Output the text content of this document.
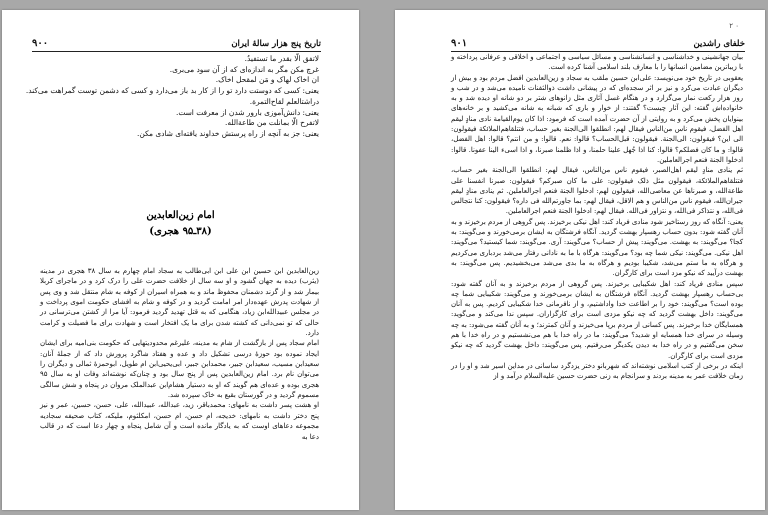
۹۰۰	تاریخ پنج هزار سالهٔ ایران

لاتفق الّا بقدر ما تستفیدُ.

غرچ مکن مگر به اندازه‌ای که از آن سود می‌بری.

ان اخاک لهاک و مَن لمقحل اخاک.

یعنی: کسی که دوستت دارد تو را از کار بد باز می‌دارد و کسی که دشمن توست گمراهت می‌کند.

دراشتالعلم لقاح‌التمرة.

یعنی: دانش‌آموزی بارور شدن از معرفت است.

لاتفرح الّا بمانلت من طاعةالله.

یعنی: جز به آنچه از راه پرستش خداوند یافته‌ای شادی مکن.

امام زین‌العابدین
(۳۸ـ۹۵ هجری)

زین‌العابدین ابن حسین ابن علی ابن ابی‌طالب به سجاد امام چهارم به سال ۳۸ هجری در مدینه (یثرب) دیده به جهان گشود و او سه سال از خلافت حضرت علی را درک کرد و در ماجرای کربلا بیمار شد و از گزند دشمنان محفوظ ماند و به همراه اسیران از کوفه به شام منتقل شد و وی پس از شهادت پدرش عهده‌دار امر امامت گردید و در کوفه و شام به افشای حکومت اموی پرداخت و در مجلس عبیدالله‌ابن زیاد، هنگامی که به قتل تهدید گردید فرمود: آیا مرا از کشتن می‌ترسانی در حالی که تو نمی‌دانی که کشته شدن برای ما یک افتخار است و شهادت برای ما فضیلت و کرامت دارد.

امام سجاد پس از بازگشت از شام به مدینه، علیرغم محدودیتهایی که حکومت بنی‌امیه برای ایشان ایجاد نموده بود حوزهٔ درسی تشکیل داد و عده و هفتاد شاگرد پرورش داد که از جملهٔ آنان: سعیدابن مسیب، سعیدابن جبیر، محمدابن جبیر، ابی‌یحیی‌ابن ام طویل، ابوحمزهٔ ثمالی و دیگران را می‌توان نام برد. امام زین‌العابدین پس از پنج سال بود و چنان‌که نوشته‌اند وفات او به سال ۹۵ هجری بوده و عده‌ای هم گویند که او به دستیار هشام‌ابن عبدالملک مروان در پنجاه و شش سالگی مسموم گردید و در گورستان بقیع به خاک سپرده شد.

او هشت پسر داشت به نامهای: محمدباقر، زید، عبدالله، عبیدالله، علی، حسن، حسین، عمر و نیز پنج دختر داشت به نامهای: خدیجه، ام حسن، ام حسن، امکلثوم، ملیکه، کتاب صحیفه سجادیه مجموعه دعاهای اوست که به یادگار مانده است و آن شامل پنجاه و چهار دعا است که در قالب دعا به

۲ ۰
۹۰۱	خلفای راشدین

بیان جهانشینی و خداشناسی و انسانشناسی و مسائل سیاسی و اجتماعی و اخلاقی و عرفانی پرداخته و با زیباترین مضامین انسانها را با معارف بلند اسلامی آشنا کرده است.

یعقوبی در تاریخ خود می‌نویسد: علی‌ابن حسین ملقب به سجاد و زین‌العابدین افضل مردم بود و بیش از دیگران عبادت می‌کرد و نیز بر اثر سجده‌ای که در پیشانی داشت ذوالثفنات نامیده می‌شد و در شب و روز هزار رکعت نماز می‌گزارد و در هنگام غسل آثاری مثل زانوهای شتر بر دو شانه او دیده شد و به خانواده‌اش گفته: این آثار چیست؟ گفتند: از خوار و باری که شبانه به شانه می‌کشید و بر خانه‌های بینوایان پخش می‌کرد و به روایتی از آن حضرت آمده است که فرمود: اذا کان یوم‌القیامة نادی منادٍ لیقم اهل الفضل، فیقوم ناس من‌الناس فیقال لهم: انطلقوا الی‌الجنة بغیر حساب، فتتلقاهم‌الملائکة فیقولون: الی این؟ فیقولون: الی‌الجنة. فیقولون: قبل‌الحساب؟ قالوا: نعم. قالوا: و من انتم؟ قالوا: اهل الفضل، قالوا: و ما کان فضلکم؟ قالوا: کنا اذا جُهل علینا حلمنا، و اذا ظلمنا صبرنا، و اذا اسیء الینا عفونا. قالوا: ادخلوا الجنة فنعم اجرالعاملین.

ثم ینادی منادٍ لیقم اهل‌الصبر، فیقوم ناس من‌الناس، فیقال لهم: انطلقوا الی‌الجنة بغیر حساب، فتتلقاهم‌الملائکة، فیقولون مثل ذلک فیقولون: علی ما کان صبرکم؟ فیقولون: صبرنا انفسنا علی طاعةالله، و صبرناها عن معاصی‌الله، فیقولون لهم: ادخلوا الجنة فنعم اجرالعاملین. ثم ینادی منادٍ لیقم جیران‌الله، فیقوم ناس من‌الناس و هم الاقل، فیقال لهم: بما جاورتم‌الله فی داره؟ فیقولون: کنا نتجالس فی‌الله، و نتذاکر فی‌الله، و نتزاور فی‌الله. فیقال لهم: ادخلوا الجنة فنعم اجرالعاملین.

یعنی: آنگاه که روز رستاخیز شود منادی فریاد کند: اهل نیکی برخیزند. پس گروهی از مردم برخیزند و به آنان گفته شود: بدون حساب رهسپار بهشت گردید. آنگاه فرشتگان به ایشان برمی‌خورند و می‌گویند: به کجا؟ می‌گویند: به بهشت. می‌گویند: پیش از حساب؟ می‌گویند: آری. می‌گویند: شما کیستید؟ می‌گویند: اهل نیکی. می‌گویند: نیکی شما چه بود؟ می‌گویند: هرگاه با ما به نادانی رفتار می‌شد بردباری می‌کردیم و هرگاه به ما ستم می‌شد، شکیبا بودیم و هرگاه به ما بدی می‌شد می‌بخشیدیم. پس می‌گویند: به بهشت درآیید که نیکو مزد است برای کارگران.

سپس منادی فریاد کند: اهل شکیبایی برخیزند. پس گروهی از مردم برخیزند و به آنان گفته شود: بی‌حساب رهسپار بهشت گردید. آنگاه فرشتگان به ایشان برمی‌خورند و می‌گویند: شکیبایی شما چه بوده است؟ می‌گویند: خود را بر اطاعت خدا واداشتیم، و از نافرمانی خدا شکیبایی کردیم. پس به آنان می‌گویند: داخل بهشت گردید که چه نیکو مزدی است برای کارگزاران. سپس ندا می‌کند و می‌گوید: همسایگان خدا برخیزند. پس کسانی از مردم برپا می‌خیزند و آنان کمترند؛ و به آنان گفته می‌شود: به چه وسیله در سرای خدا همسایه او شدید؟ می‌گویند: ما در راه خدا با هم می‌نشستیم و در راه خدا با هم سخن می‌گفتیم و در راه خدا به دیدن یکدیگر می‌رفتیم. پس می‌گویند: داخل بهشت گردید که چه نیکو مزدی است برای کارگران.

اینکه در برخی از کتب اسلامی نوشته‌اند که شهربانو دختر یزدگرد ساسانی در مداین اسیر شد و او را در زمان خلافت عمر به مدینه بردند و سرانجام به زنی حضرت حسین علیه‌السلام درآمد و از
